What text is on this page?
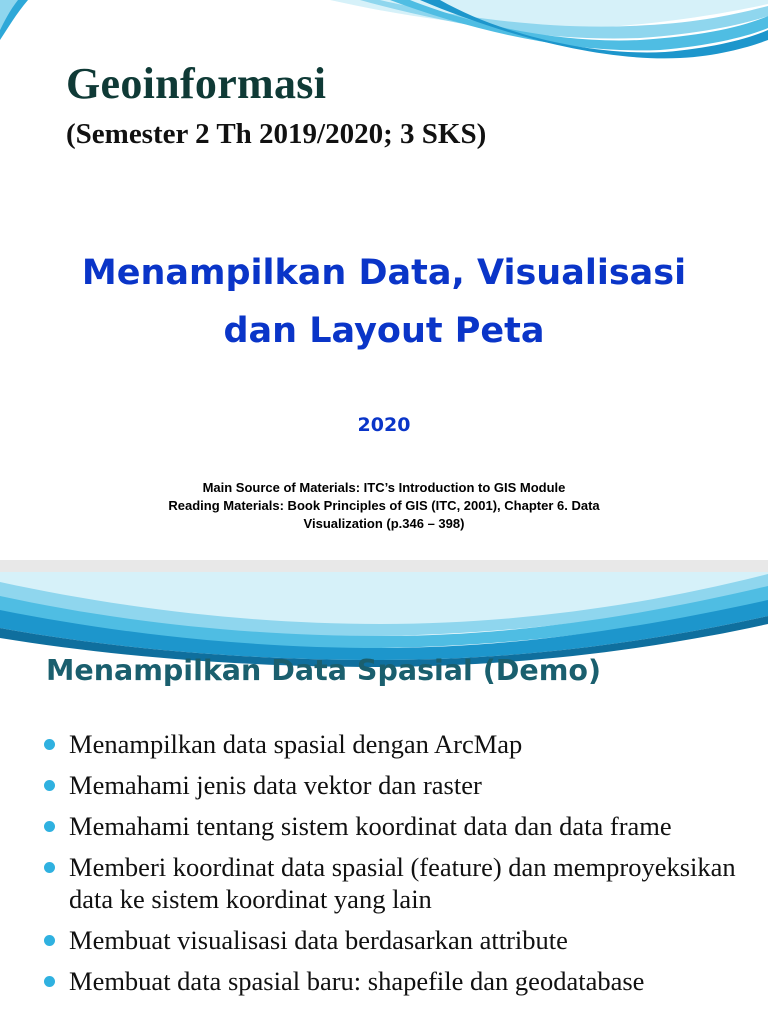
Geoinformasi
(Semester 2 Th 2019/2020; 3 SKS)
Menampilkan Data, Visualisasi
dan Layout Peta

2020

Main Source of Materials: ITC’s Introduction to GIS Module
Reading Materials: Book Principles of GIS (ITC, 2001), Chapter 6. Data
Visualization (p.346 – 398)

Menampilkan Data Spasial (Demo)
Menampilkan data spasial dengan ArcMap
Memahami jenis data vektor dan raster
Memahami tentang sistem koordinat data dan data frame
Memberi koordinat data spasial (feature) dan memproyeksikan data ke sistem koordinat yang lain
Membuat visualisasi data berdasarkan attribute
Membuat data spasial baru: shapefile dan geodatabase
